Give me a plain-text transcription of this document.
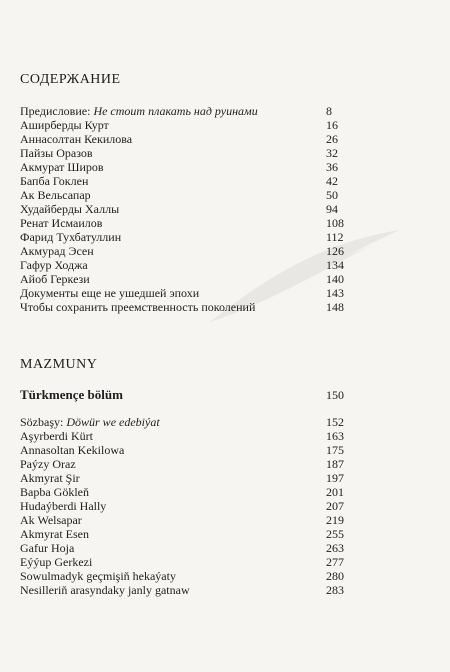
СОДЕРЖАНИЕ
Предисловие: Не стоит плакать над руинами	8
Аширберды Курт	16
Аннасолтан Кекилова	26
Пайзы Оразов	32
Акмурат Широв	36
Бапба Гоклен	42
Ак Вельсапар	50
Худайберды Халлы	94
Ренат Исмаилов	108
Фарид Тухбатуллин	112
Акмурад Эсен	126
Гафур Ходжа	134
Айоб Геркези	140
Документы еще не ушедшей эпохи	143
Чтобы сохранить преемственность поколений	148
MAZMUNY
Türkmençe bölüm	150
Sözbaşy: Döwür we edebiýat	152
Aşyrberdi Kürt	163
Annasoltan Kekilowa	175
Paýzy Oraz	187
Akmyrat Şir	197
Bapba Gökleň	201
Hudaýberdi Hally	207
Ak Welsapar	219
Akmyrat Esen	255
Gafur Hoja	263
Eýýup Gerkezi	277
Sowulmadyk geçmişiň hekaýaty	280
Nesilleriň arasyndaky janly gatnaw	283
